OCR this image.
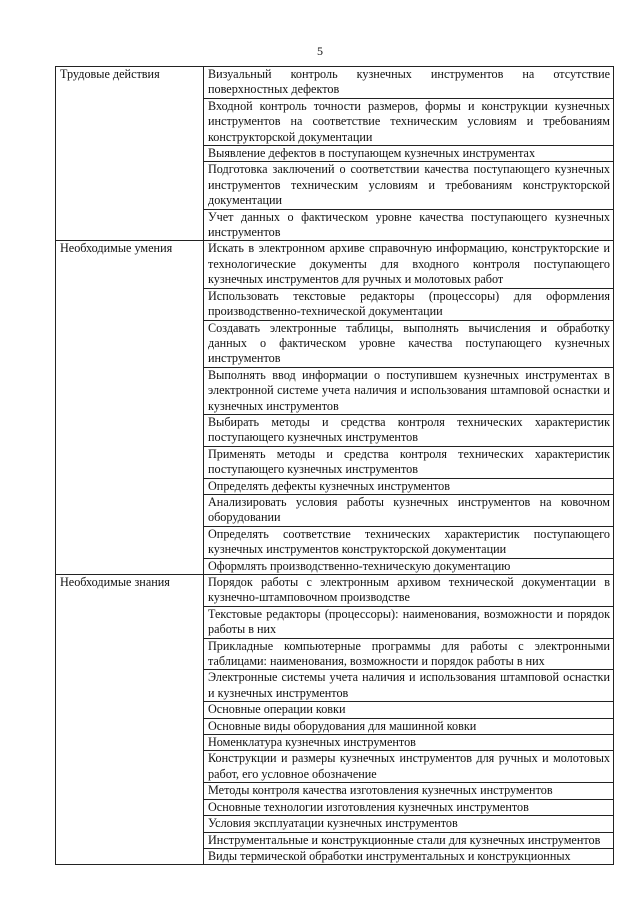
5
Трудовые действия	Визуальный контроль кузнечных инструментов на отсутствие поверхностных дефектов
	Входной контроль точности размеров, формы и конструкции кузнечных инструментов на соответствие техническим условиям и требованиям конструкторской документации
	Выявление дефектов в поступающем кузнечных инструментах
	Подготовка заключений о соответствии качества поступающего кузнечных инструментов техническим условиям и требованиям конструкторской документации
	Учет данных о фактическом уровне качества поступающего кузнечных инструментов
Необходимые умения	Искать в электронном архиве справочную информацию, конструкторские и технологические документы для входного контроля поступающего кузнечных инструментов для ручных и молотовых работ
	Использовать текстовые редакторы (процессоры) для оформления производственно-технической документации
	Создавать электронные таблицы, выполнять вычисления и обработку данных о фактическом уровне качества поступающего кузнечных инструментов
	Выполнять ввод информации о поступившем кузнечных инструментах в электронной системе учета наличия и использования штамповой оснастки и кузнечных инструментов
	Выбирать методы и средства контроля технических характеристик поступающего кузнечных инструментов
	Применять методы и средства контроля технических характеристик поступающего кузнечных инструментов
	Определять дефекты кузнечных инструментов
	Анализировать условия работы кузнечных инструментов на ковочном оборудовании
	Определять соответствие технических характеристик поступающего кузнечных инструментов конструкторской документации
	Оформлять производственно-техническую документацию
Необходимые знания	Порядок работы с электронным архивом технической документации в кузнечно-штамповочном производстве
	Текстовые редакторы (процессоры): наименования, возможности и порядок работы в них
	Прикладные компьютерные программы для работы с электронными таблицами: наименования, возможности и порядок работы в них
	Электронные системы учета наличия и использования штамповой оснастки и кузнечных инструментов
	Основные операции ковки
	Основные виды оборудования для машинной ковки
	Номенклатура кузнечных инструментов
	Конструкции и размеры кузнечных инструментов для ручных и молотовых работ, его условное обозначение
	Методы контроля качества изготовления кузнечных инструментов
	Основные технологии изготовления кузнечных инструментов
	Условия эксплуатации кузнечных инструментов
	Инструментальные и конструкционные стали для кузнечных инструментов
	Виды термической обработки инструментальных и конструкционных
